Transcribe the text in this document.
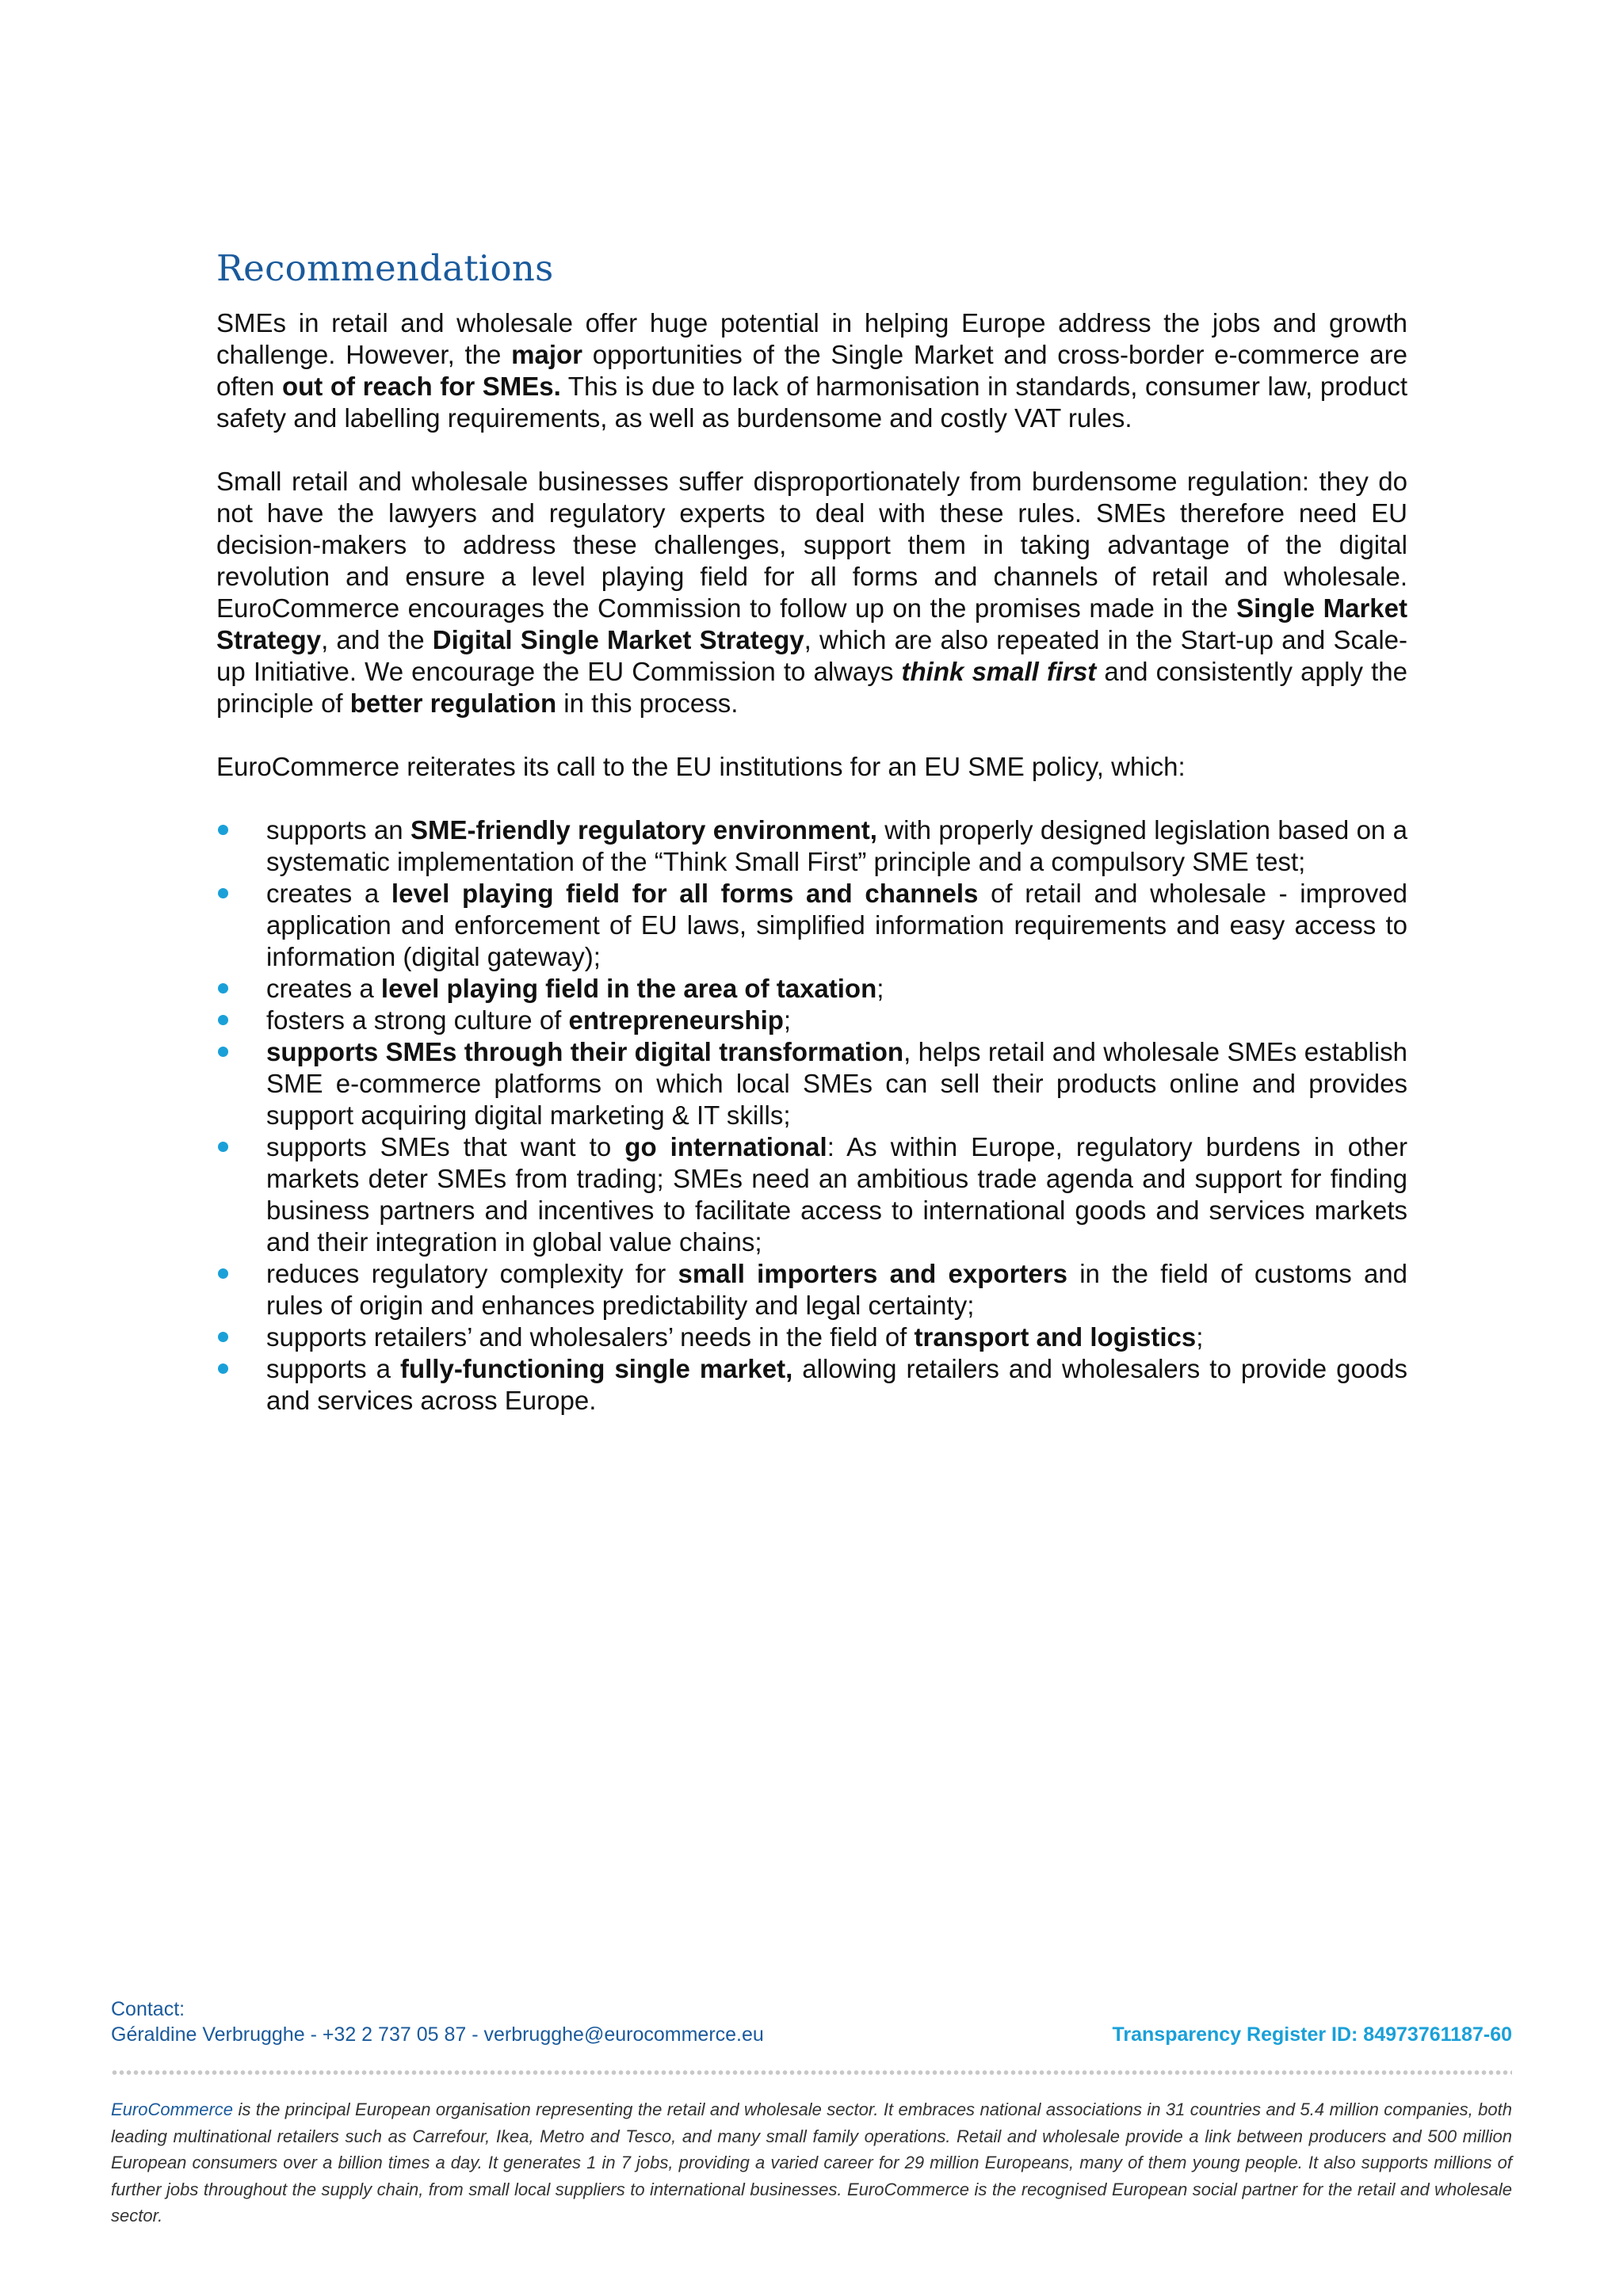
Recommendations

SMEs in retail and wholesale offer huge potential in helping Europe address the jobs and growth challenge. However, the major opportunities of the Single Market and cross-border e-commerce are often out of reach for SMEs. This is due to lack of harmonisation in standards, consumer law, product safety and labelling requirements, as well as burdensome and costly VAT rules.

Small retail and wholesale businesses suffer disproportionately from burdensome regulation: they do not have the lawyers and regulatory experts to deal with these rules. SMEs therefore need EU decision-makers to address these challenges, support them in taking advantage of the digital revolution and ensure a level playing field for all forms and channels of retail and wholesale. EuroCommerce encourages the Commission to follow up on the promises made in the Single Market Strategy, and the Digital Single Market Strategy, which are also repeated in the Start-up and Scale-up Initiative. We encourage the EU Commission to always think small first and consistently apply the principle of better regulation in this process.

EuroCommerce reiterates its call to the EU institutions for an EU SME policy, which:

supports an SME-friendly regulatory environment, with properly designed legislation based on a systematic implementation of the “Think Small First” principle and a compulsory SME test;
creates a level playing field for all forms and channels of retail and wholesale - improved application and enforcement of EU laws, simplified information requirements and easy access to information (digital gateway);
creates a level playing field in the area of taxation;
fosters a strong culture of entrepreneurship;
supports SMEs through their digital transformation, helps retail and wholesale SMEs establish SME e-commerce platforms on which local SMEs can sell their products online and provides support acquiring digital marketing & IT skills;
supports SMEs that want to go international: As within Europe, regulatory burdens in other markets deter SMEs from trading; SMEs need an ambitious trade agenda and support for finding business partners and incentives to facilitate access to international goods and services markets and their integration in global value chains;
reduces regulatory complexity for small importers and exporters in the field of customs and rules of origin and enhances predictability and legal certainty;
supports retailers’ and wholesalers’ needs in the field of transport and logistics;
supports a fully-functioning single market, allowing retailers and wholesalers to provide goods and services across Europe.
Contact:
Géraldine Verbrugghe - +32 2 737 05 87 - verbrugghe@eurocommerce.eu	Transparency Register ID: 84973761187-60
EuroCommerce is the principal European organisation representing the retail and wholesale sector. It embraces national associations in 31 countries and 5.4 million companies, both leading multinational retailers such as Carrefour, Ikea, Metro and Tesco, and many small family operations. Retail and wholesale provide a link between producers and 500 million European consumers over a billion times a day. It generates 1 in 7 jobs, providing a varied career for 29 million Europeans, many of them young people. It also supports millions of further jobs throughout the supply chain, from small local suppliers to international businesses. EuroCommerce is the recognised European social partner for the retail and wholesale sector.
